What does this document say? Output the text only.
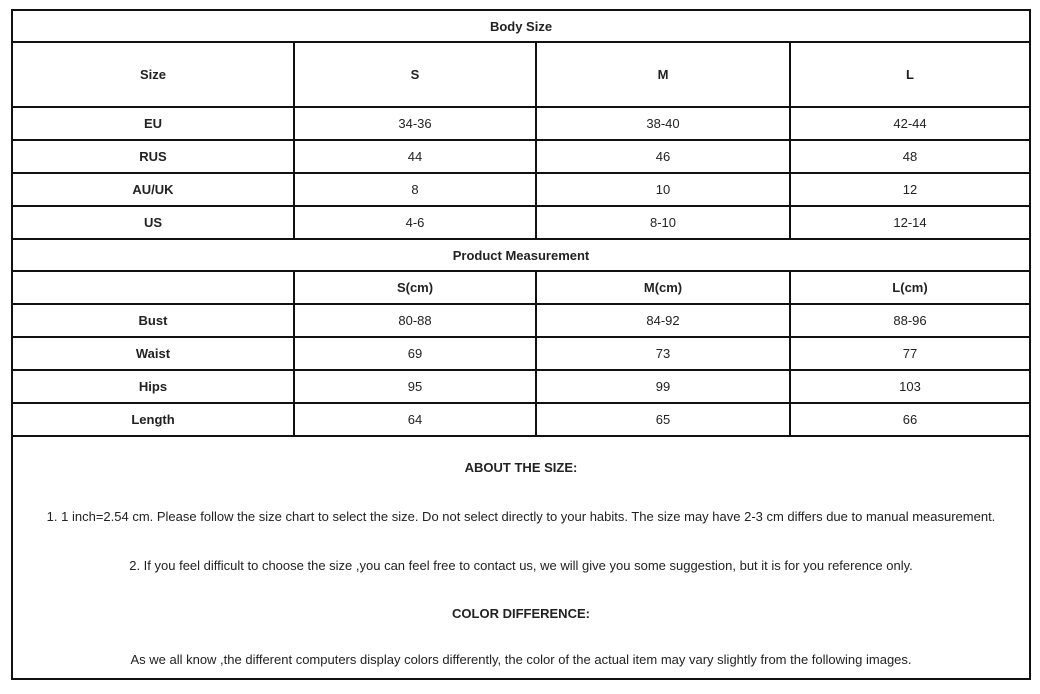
Body Size			
Size	S	M	L
EU	34-36	38-40	42-44
RUS	44	46	48
AU/UK	8	10	12
US	4-6	8-10	12-14
Product Measurement			
	S(cm)	M(cm)	L(cm)
Bust	80-88	84-92	88-96
Waist	69	73	77
Hips	95	99	103
Length	64	65	66

ABOUT THE SIZE:

1. 1 inch=2.54 cm. Please follow the size chart to select the size. Do not select directly to your habits. The size may have 2-3 cm differs due to manual measurement.

2. If you feel difficult to choose the size ,you can feel free to contact us, we will give you some suggestion, but it is for you reference only.

COLOR DIFFERENCE:

As we all know ,the different computers display colors differently, the color of the actual item may vary slightly from the following images.			
